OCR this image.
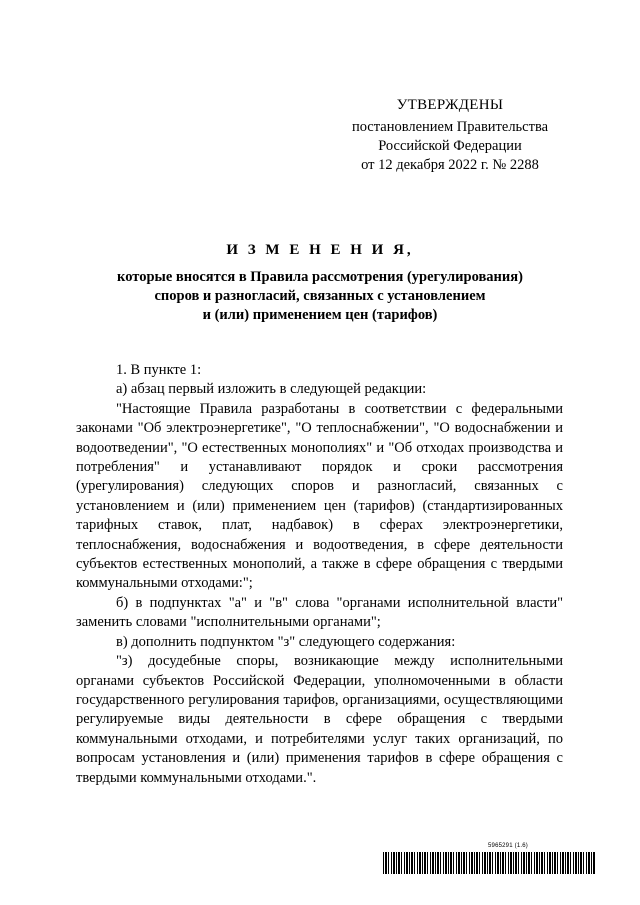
УТВЕРЖДЕНЫ
постановлением Правительства
Российской Федерации
от 12 декабря 2022 г. № 2288
И З М Е Н Е Н И Я,
которые вносятся в Правила рассмотрения (урегулирования)
споров и разногласий, связанных с установлением
и (или) применением цен (тарифов)

1. В пункте 1:

а) абзац первый изложить в следующей редакции:

"Настоящие Правила разработаны в соответствии с федеральными законами "Об электроэнергетике", "О теплоснабжении", "О водоснабжении и водоотведении", "О естественных монополиях" и "Об отходах производства и потребления" и устанавливают порядок и сроки рассмотрения (урегулирования) следующих споров и разногласий, связанных с установлением и (или) применением цен (тарифов) (стандартизированных тарифных ставок, плат, надбавок) в сферах электроэнергетики, теплоснабжения, водоснабжения и водоотведения, в сфере деятельности субъектов естественных монополий, а также в сфере обращения с твердыми коммунальными отходами:";

б) в подпунктах "а" и "в" слова "органами исполнительной власти" заменить словами "исполнительными органами";

в) дополнить подпунктом "з" следующего содержания:

"з) досудебные споры, возникающие между исполнительными органами субъектов Российской Федерации, уполномоченными в области государственного регулирования тарифов, организациями, осуществляющими регулируемые виды деятельности в сфере обращения с твердыми коммунальными отходами, и потребителями услуг таких организаций, по вопросам установления и (или) применения тарифов в сфере обращения с твердыми коммунальными отходами.".

5965291 (1.6)
